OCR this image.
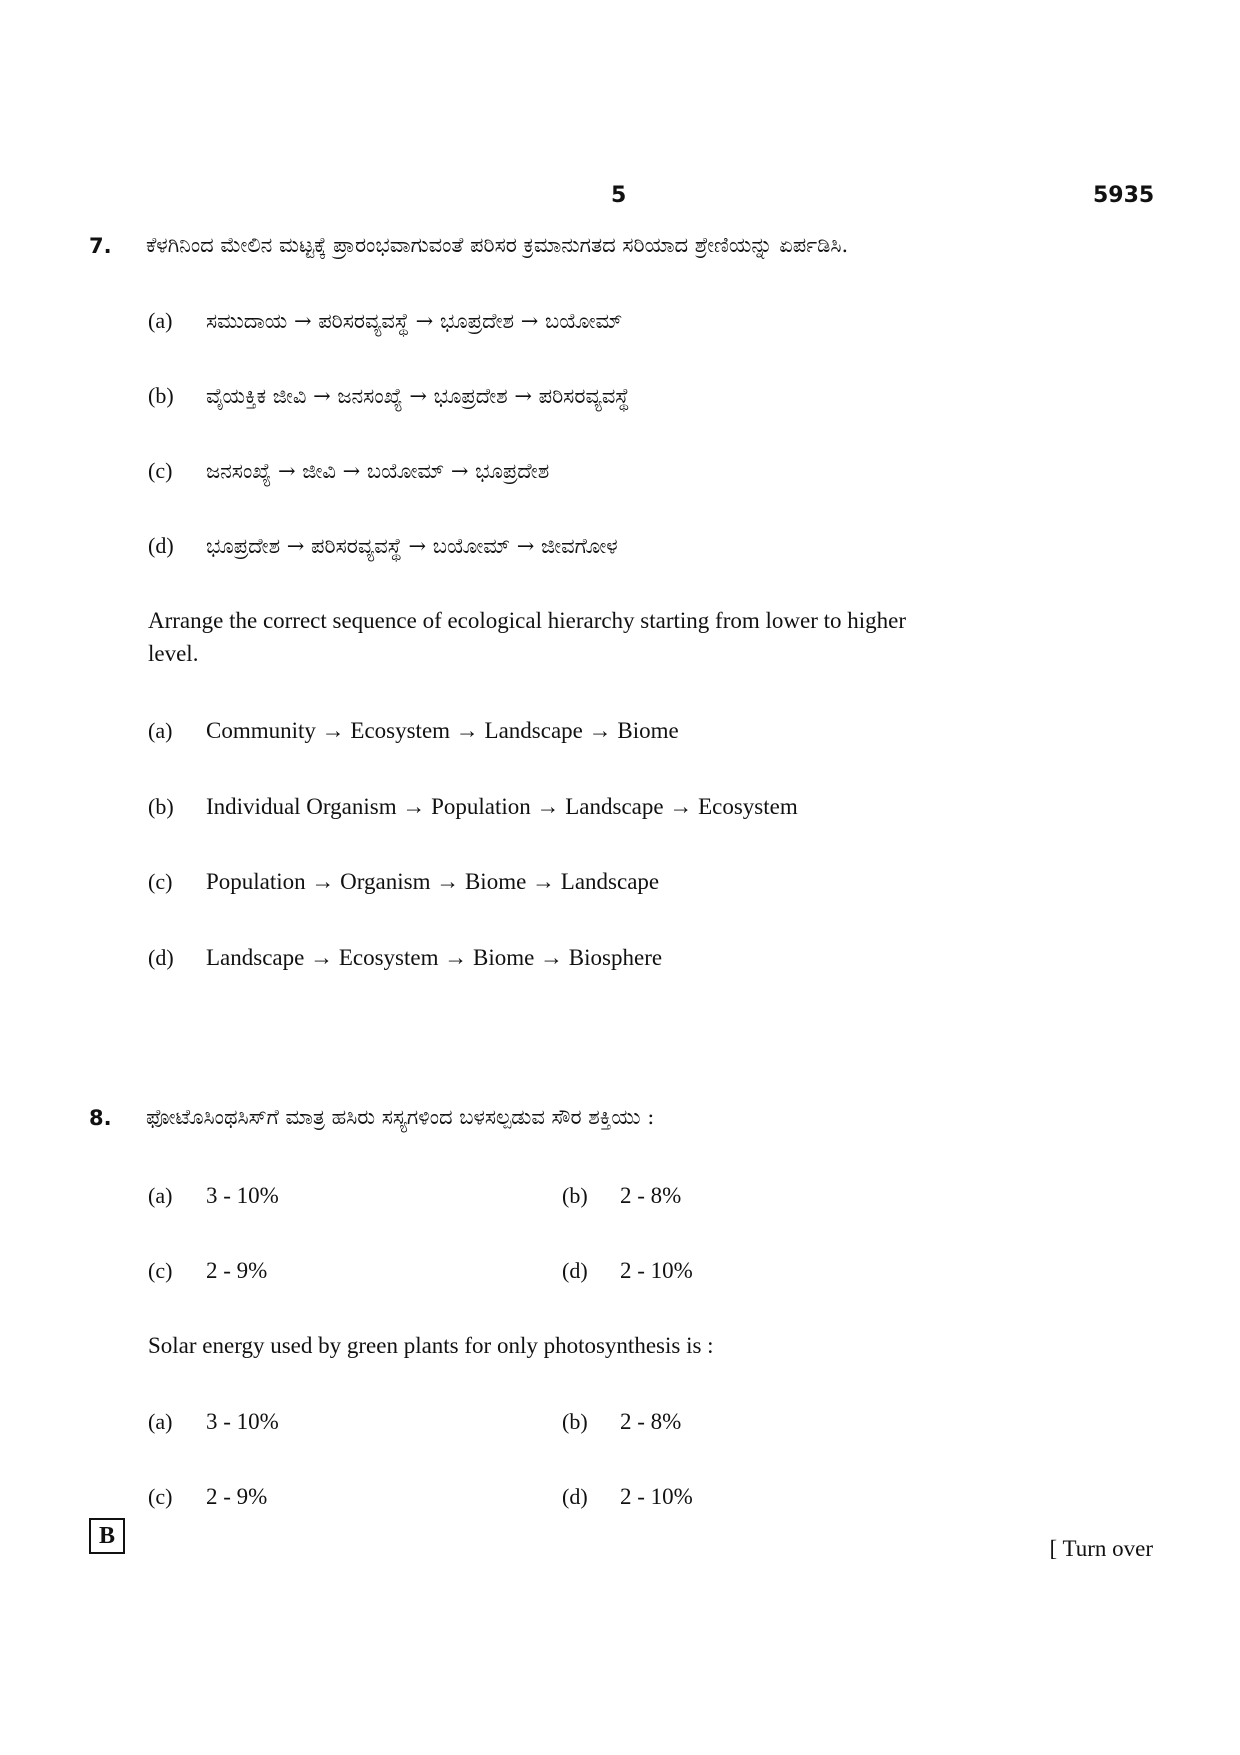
5	5935
7. ಕೆಳಗಿನಿಂದ ಮೇಲಿನ ಮಟ್ಟಕ್ಕೆ ಪ್ರಾರಂಭವಾಗುವಂತೆ ಪರಿಸರ ಕ್ರಮಾನುಗತದ ಸರಿಯಾದ ಶ್ರೇಣಿಯನ್ನು ಏರ್ಪಡಿಸಿ.
(a) ಸಮುದಾಯ → ಪರಿಸರವ್ಯವಸ್ಥೆ → ಭೂಪ್ರದೇಶ → ಬಯೋಮ್
(b) ವೈಯಕ್ತಿಕ ಜೀವಿ → ಜನಸಂಖ್ಯೆ → ಭೂಪ್ರದೇಶ → ಪರಿಸರವ್ಯವಸ್ಥೆ
(c) ಜನಸಂಖ್ಯೆ → ಜೀವಿ → ಬಯೋಮ್ → ಭೂಪ್ರದೇಶ
(d) ಭೂಪ್ರದೇಶ → ಪರಿಸರವ್ಯವಸ್ಥೆ → ಬಯೋಮ್ → ಜೀವಗೋಳ
Arrange the correct sequence of ecological hierarchy starting from lower to higher
level.
(a) Community → Ecosystem → Landscape → Biome
(b) Individual Organism → Population → Landscape → Ecosystem
(c) Population → Organism → Biome → Landscape
(d) Landscape → Ecosystem → Biome → Biosphere
8. ಫೋಟೊಸಿಂಥಸಿಸ್‌ಗೆ ಮಾತ್ರ ಹಸಿರು ಸಸ್ಯಗಳಿಂದ ಬಳಸಲ್ಪಡುವ ಸೌರ ಶಕ್ತಿಯು :
(a) 3 - 10%	(b) 2 - 8%
(c) 2 - 9%	(d) 2 - 10%
Solar energy used by green plants for only photosynthesis is :
(a) 3 - 10%	(b) 2 - 8%
(c) 2 - 9%	(d) 2 - 10%
B	[ Turn over
